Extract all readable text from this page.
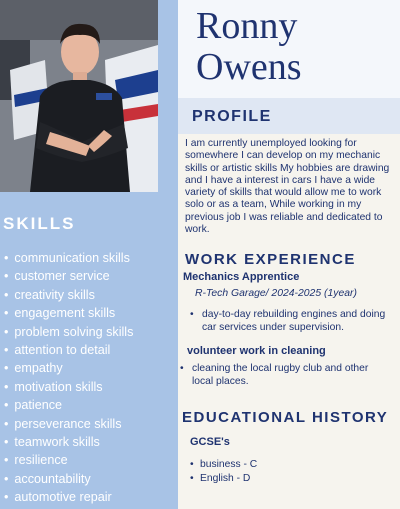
SKILLS
• communication skills
• customer service
• creativity skills
• engagement skills
• problem solving skills
• attention to detail
• empathy
• motivation skills
• patience
• perseverance skills
• teamwork skills
• resilience
• accountability
• automotive repair
Ronny
Owens
PROFILE

I am currently unemployed looking for somewhere I can develop on my mechanic skills or artistic skills My hobbies are drawing and I have a interest in cars I have a wide variety of skills that would allow me to work solo or as a team, While working in my previous job I was reliable and dedicated to work.

WORK EXPERIENCE
Mechanics Apprentice
R-Tech Garage/ 2024-2025 (1year)
• day-to-day rebuilding engines and doing car services under supervision.
volunteer work in cleaning
• cleaning the local rugby club and other local places.
EDUCATIONAL HISTORY
GCSE's
• business - C
• English - D
